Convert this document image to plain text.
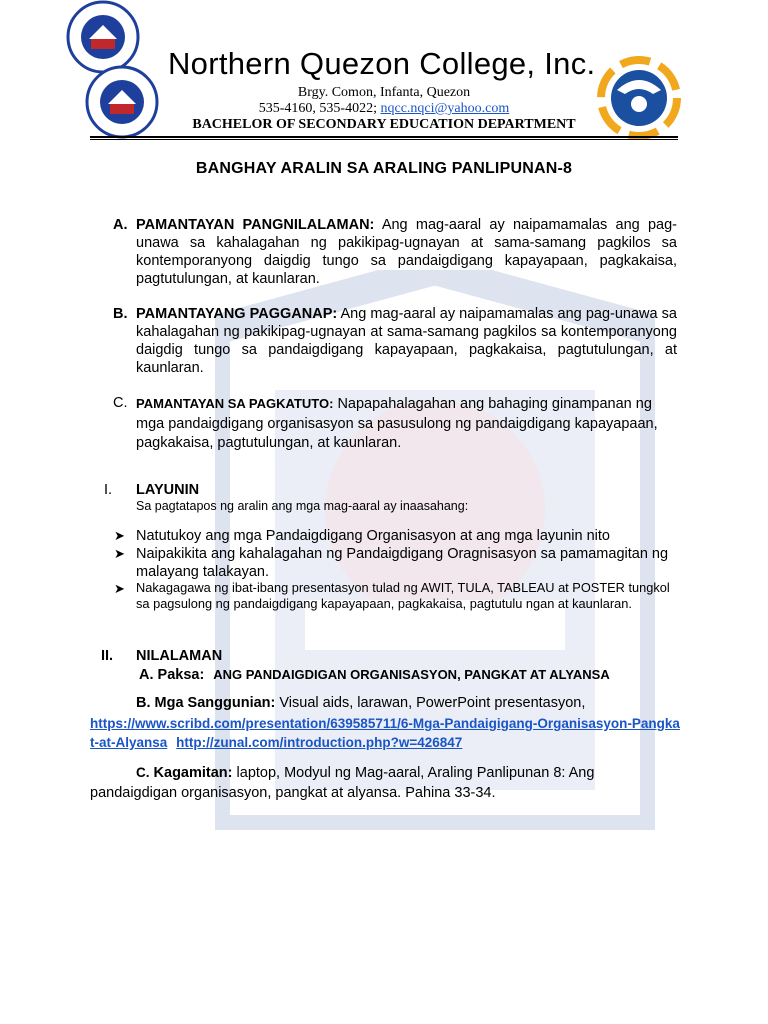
Northern Quezon College, Inc.
Brgy. Comon, Infanta, Quezon
535-4160, 535-4022; nqcc.nqci@yahoo.com
BACHELOR OF SECONDARY EDUCATION DEPARTMENT
BANGHAY ARALIN SA ARALING PANLIPUNAN-8
A. PAMANTAYAN PANGNILALAMAN: Ang mag-aaral ay naipamamalas ang pag-unawa sa kahalagahan ng pakikipag-ugnayan at sama-samang pagkilos sa kontemporanyong daigdig tungo sa pandaigdigang kapayapaan, pagkakaisa, pagtutulungan, at kaunlaran.
B. PAMANTAYANG PAGGANAP: Ang mag-aaral ay naipamamalas ang pag-unawa sa kahalagahan ng pakikipag-ugnayan at sama-samang pagkilos sa kontemporanyong daigdig tungo sa pandaigdigang kapayapaan, pagkakaisa, pagtutulungan, at kaunlaran.
C. PAMANTAYAN SA PAGKATUTO: Napapahalagahan ang bahaging ginampanan ng mga pandaigdigang organisasyon sa pasusulong ng pandaigdigang kapayapaan, pagkakaisa, pagtutulungan, at kaunlaran.
I. LAYUNIN
Sa pagtatapos ng aralin ang mga mag-aaral ay inaasahang:
➤ Natutukoy ang mga Pandaigdigang Organisasyon at ang mga layunin nito
➤ Naipakikita ang kahalagahan ng Pandaigdigang Oragnisasyon sa pamamagitan ng malayang talakayan.
➤ Nakagagawa ng ibat-ibang presentasyon tulad ng AWIT, TULA, TABLEAU at POSTER tungkol sa pagsulong ng pandaigdigang kapayapaan, pagkakaisa, pagtutulu ngan at kaunlaran.
II. NILALAMAN
A. Paksa: ANG PANDAIGDIGAN ORGANISASYON, PANGKAT AT ALYANSA
B. Mga Sanggunian: Visual aids, larawan, PowerPoint presentasyon,
https://www.scribd.com/presentation/639585711/6-Mga-Pandaigigang-Organisasyon-Pangkat-at-Alyansa http://zunal.com/introduction.php?w=426847
C. Kagamitan: laptop, Modyul ng Mag-aaral, Araling Panlipunan 8: Ang pandaigdigan organisasyon, pangkat at alyansa. Pahina 33-34.
